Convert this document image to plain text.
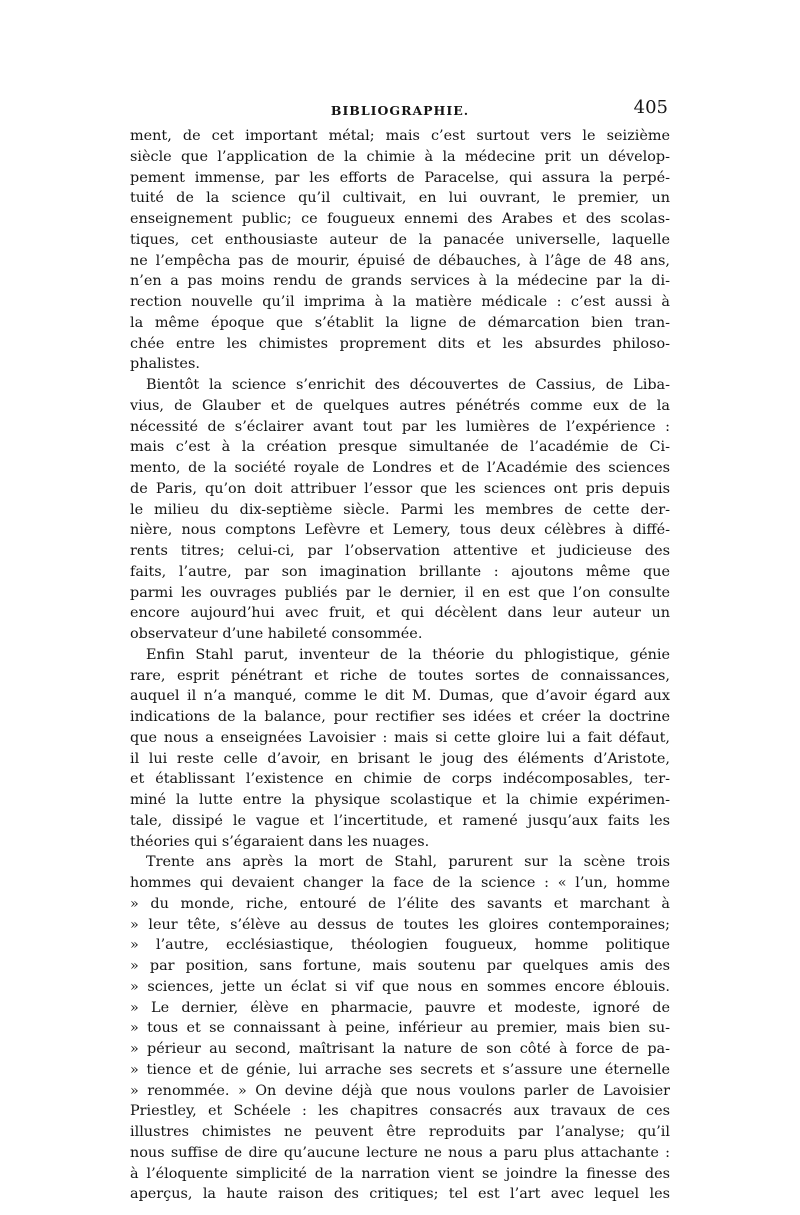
BIBLIOGRAPHIE.	405
ment, de cet important métal; mais c’est surtout vers le seizième
siècle que l’application de la chimie à la médecine prit un dévelop-
pement immense, par les efforts de Paracelse, qui assura la perpé-
tuité de la science qu’il cultivait, en lui ouvrant, le premier, un
enseignement public; ce fougueux ennemi des Arabes et des scolas-
tiques, cet enthousiaste auteur de la panacée universelle, laquelle
ne l’empêcha pas de mourir, épuisé de débauches, à l’âge de 48 ans,
n’en a pas moins rendu de grands services à la médecine par la di-
rection nouvelle qu’il imprima à la matière médicale : c’est aussi à
la même époque que s’établit la ligne de démarcation bien tran-
chée entre les chimistes proprement dits et les absurdes philoso-
phalistes.
Bientôt la science s’enrichit des découvertes de Cassius, de Liba-
vius, de Glauber et de quelques autres pénétrés comme eux de la
nécessité de s’éclairer avant tout par les lumières de l’expérience :
mais c’est à la création presque simultanée de l’académie de Ci-
mento, de la société royale de Londres et de l’Académie des sciences
de Paris, qu’on doit attribuer l’essor que les sciences ont pris depuis
le milieu du dix-septième siècle. Parmi les membres de cette der-
nière, nous comptons Lefèvre et Lemery, tous deux célèbres à diffé-
rents titres; celui-ci, par l’observation attentive et judicieuse des
faits, l’autre, par son imagination brillante : ajoutons même que
parmi les ouvrages publiés par le dernier, il en est que l’on consulte
encore aujourd’hui avec fruit, et qui décèlent dans leur auteur un
observateur d’une habileté consommée.
Enfin Stahl parut, inventeur de la théorie du phlogistique, génie
rare, esprit pénétrant et riche de toutes sortes de connaissances,
auquel il n’a manqué, comme le dit M. Dumas, que d’avoir égard aux
indications de la balance, pour rectifier ses idées et créer la doctrine
que nous a enseignées Lavoisier : mais si cette gloire lui a fait défaut,
il lui reste celle d’avoir, en brisant le joug des éléments d’Aristote,
et établissant l’existence en chimie de corps indécomposables, ter-
miné la lutte entre la physique scolastique et la chimie expérimen-
tale, dissipé le vague et l’incertitude, et ramené jusqu’aux faits les
théories qui s’égaraient dans les nuages.
Trente ans après la mort de Stahl, parurent sur la scène trois
hommes qui devaient changer la face de la science : « l’un, homme
» du monde, riche, entouré de l’élite des savants et marchant à
» leur tête, s’élève au dessus de toutes les gloires contemporaines;
» l’autre, ecclésiastique, théologien fougueux, homme politique
» par position, sans fortune, mais soutenu par quelques amis des
» sciences, jette un éclat si vif que nous en sommes encore éblouis.
» Le dernier, élève en pharmacie, pauvre et modeste, ignoré de
» tous et se connaissant à peine, inférieur au premier, mais bien su-
» périeur au second, maîtrisant la nature de son côté à force de pa-
» tience et de génie, lui arrache ses secrets et s’assure une éternelle
» renommée. » On devine déjà que nous voulons parler de Lavoisier
Priestley, et Schéele : les chapitres consacrés aux travaux de ces
illustres chimistes ne peuvent être reproduits par l’analyse; qu’il
nous suffise de dire qu’aucune lecture ne nous a paru plus attachante :
à l’éloquente simplicité de la narration vient se joindre la finesse des
aperçus, la haute raison des critiques; tel est l’art avec lequel les
